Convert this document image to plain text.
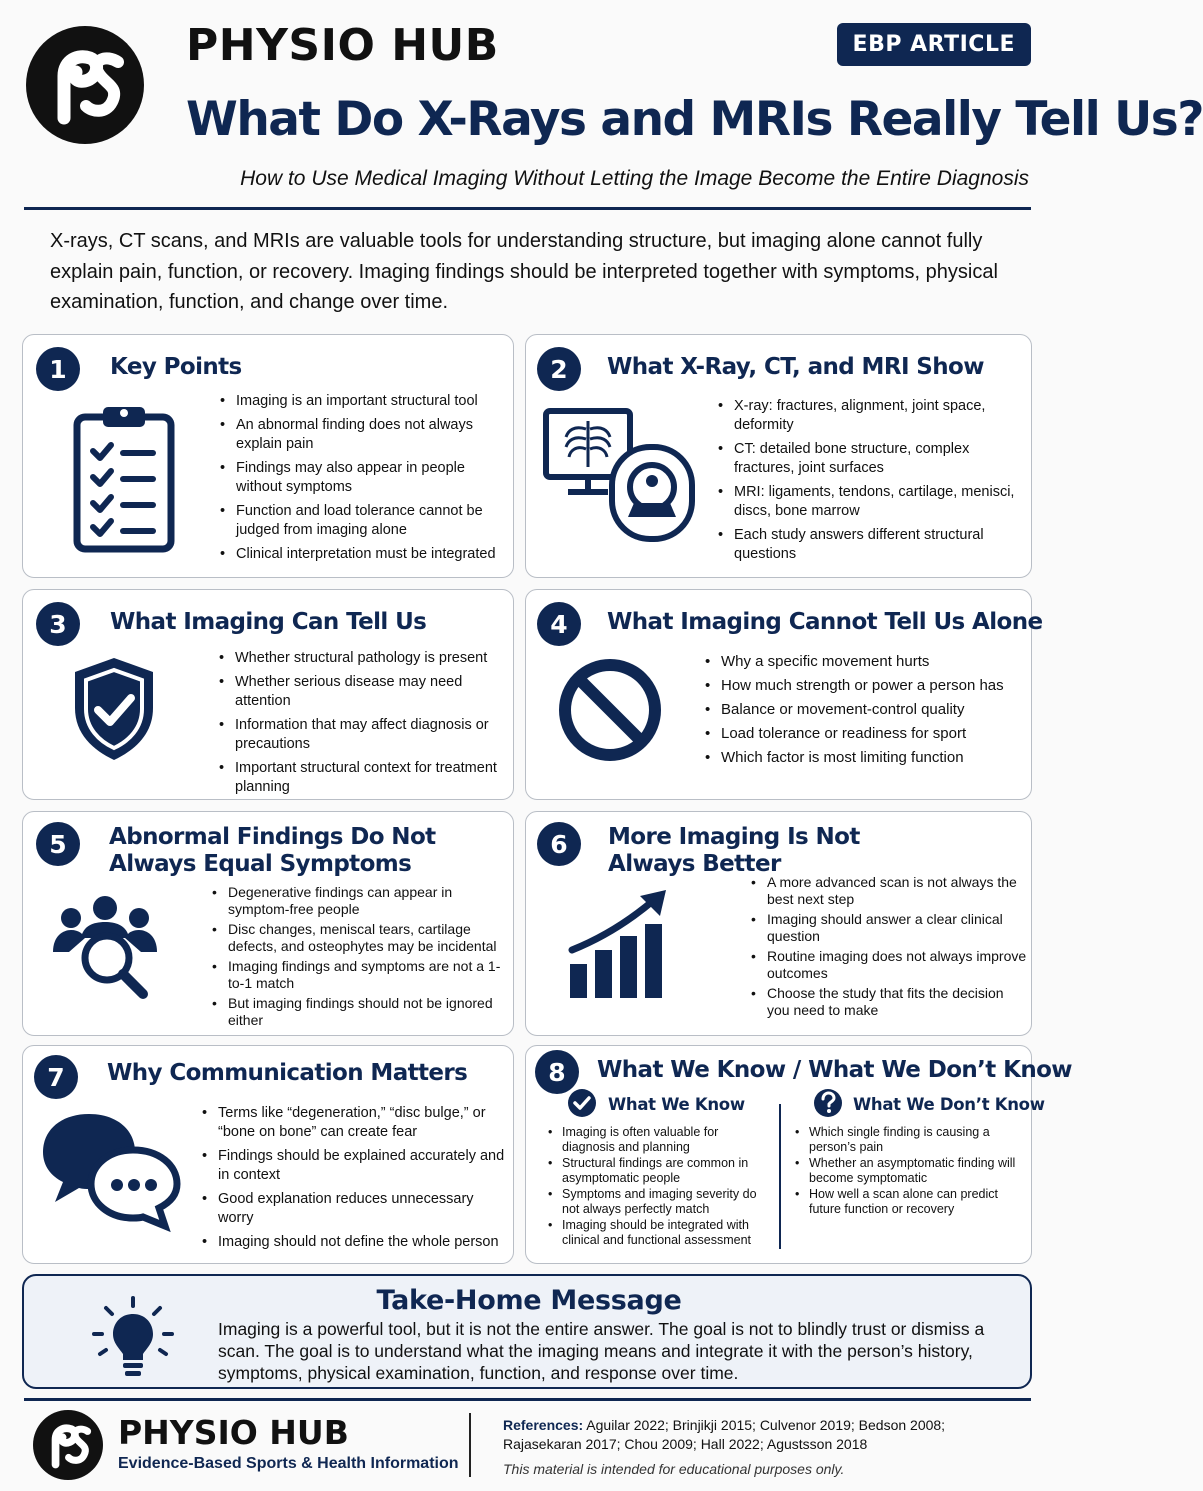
PHYSIO HUB	EBP ARTICLE
What Do X-Rays and MRIs Really Tell Us?
How to Use Medical Imaging Without Letting the Image Become the Entire Diagnosis
X-rays, CT scans, and MRIs are valuable tools for understanding structure, but imaging alone cannot fully explain pain, function, or recovery. Imaging findings should be interpreted together with symptoms, physical examination, function, and change over time.
1	Key Points
• Imaging is an important structural tool
• An abnormal finding does not always explain pain
• Findings may also appear in people without symptoms
• Function and load tolerance cannot be judged from imaging alone
• Clinical interpretation must be integrated
2	What X-Ray, CT, and MRI Show
• X-ray: fractures, alignment, joint space, deformity
• CT: detailed bone structure, complex fractures, joint surfaces
• MRI: ligaments, tendons, cartilage, menisci, discs, bone marrow
• Each study answers different structural questions
3	What Imaging Can Tell Us
• Whether structural pathology is present
• Whether serious disease may need attention
• Information that may affect diagnosis or precautions
• Important structural context for treatment planning
4	What Imaging Cannot Tell Us Alone
• Why a specific movement hurts
• How much strength or power a person has
• Balance or movement-control quality
• Load tolerance or readiness for sport
• Which factor is most limiting function
5	Abnormal Findings Do Not
Always Equal Symptoms
• Degenerative findings can appear in symptom-free people
• Disc changes, meniscal tears, cartilage defects, and osteophytes may be incidental
• Imaging findings and symptoms are not a 1-to-1 match
• But imaging findings should not be ignored either
6	More Imaging Is Not
Always Better
• A more advanced scan is not always the best next step
• Imaging should answer a clear clinical question
• Routine imaging does not always improve outcomes
• Choose the study that fits the decision you need to make
7	Why Communication Matters
• Terms like “degeneration,” “disc bulge,” or “bone on bone” can create fear
• Findings should be explained accurately and in context
• Good explanation reduces unnecessary worry
• Imaging should not define the whole person
8	What We Know / What We Don’t Know
What We Know
• Imaging is often valuable for diagnosis and planning
• Structural findings are common in asymptomatic people
• Symptoms and imaging severity do not always perfectly match
• Imaging should be integrated with clinical and functional assessment
What We Don’t Know
• Which single finding is causing a person’s pain
• Whether an asymptomatic finding will become symptomatic
• How well a scan alone can predict future function or recovery
Take-Home Message
Imaging is a powerful tool, but it is not the entire answer. The goal is not to blindly trust or dismiss a scan. The goal is to understand what the imaging means and integrate it with the person’s history, symptoms, physical examination, function, and response over time.
PHYSIO HUB
Evidence-Based Sports & Health Information
References: Aguilar 2022; Brinjikji 2015; Culvenor 2019; Bedson 2008; Rajasekaran 2017; Chou 2009; Hall 2022; Agustsson 2018
This material is intended for educational purposes only.
